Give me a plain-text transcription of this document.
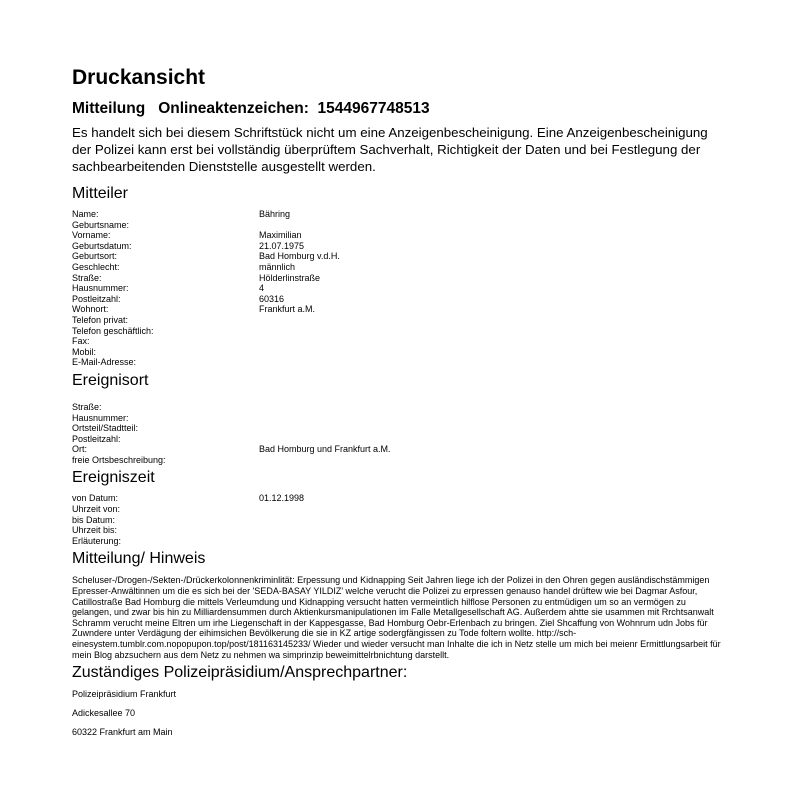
Druckansicht
Mitteilung Onlineaktenzeichen: 1544967748513
Es handelt sich bei diesem Schriftstück nicht um eine Anzeigenbescheinigung. Eine Anzeigenbescheinigung der Polizei kann erst bei vollständig überprüftem Sachverhalt, Richtigkeit der Daten und bei Festlegung der sachbearbeitenden Dienststelle ausgestellt werden.
Mitteiler
Name:	Bähring
Geburtsname:
Vorname:	Maximilian
Geburtsdatum:	21.07.1975
Geburtsort:	Bad Homburg v.d.H.
Geschlecht:	männlich
Straße:	Hölderlinstraße
Hausnummer:	4
Postleitzahl:	60316
Wohnort:	Frankfurt a.M.
Telefon privat:
Telefon geschäftlich:
Fax:
Mobil:
E-Mail-Adresse:
Ereignisort
Straße:
Hausnummer:
Ortsteil/Stadtteil:
Postleitzahl:
Ort:	Bad Homburg und Frankfurt a.M.
freie Ortsbeschreibung:
Ereigniszeit
von Datum:	01.12.1998
Uhrzeit von:
bis Datum:
Uhrzeit bis:
Erläuterung:
Mitteilung/ Hinweis
Scheluser-/Drogen-/Sekten-/Drückerkolonnenkriminlität: Erpessung und Kidnapping Seit Jahren liege ich der Polizei in den Ohren gegen ausländischstämmigen Epresser-Anwältinnen um die es sich bei der 'SEDA-BASAY YILDIZ' welche verucht die Polizei zu erpressen genauso handel drüftew wie bei Dagmar Asfour, Catillostraße Bad Homburg die mittels Verleumdung und Kidnapping versucht hatten vermeintlich hilflose Personen zu entmüdigen um so an vermögen zu gelangen, und zwar bis hin zu Milliardensummen durch Aktienkursmanipulationen im Falle Metallgesellschaft AG. Außerdem ahtte sie usammen mit Rrchtsanwalt Schramm verucht meine Eltren um irhe Liegenschaft in der Kappesgasse, Bad Homburg Oebr-Erlenbach zu bringen. Ziel Shcaffung von Wohnrum udn Jobs für Zuwndere unter Verdägung der eihimsichen Bevölkerung die sie in KZ artige sodergfängissen zu Tode foltern wollte. http://sch-einesystem.tumblr.com.nopopupon.top/post/181163145233/ Wieder und wieder versucht man Inhalte die ich in Netz stelle um mich bei meienr Ermittlungsarbeit für mein Blog abzsuchern aus dem Netz zu nehmen wa simprinzip beweimittelrbnichtung darstellt.
Zuständiges Polizeipräsidium/Ansprechpartner:
Polizeipräsidium Frankfurt
Adickesallee 70
60322 Frankfurt am Main
